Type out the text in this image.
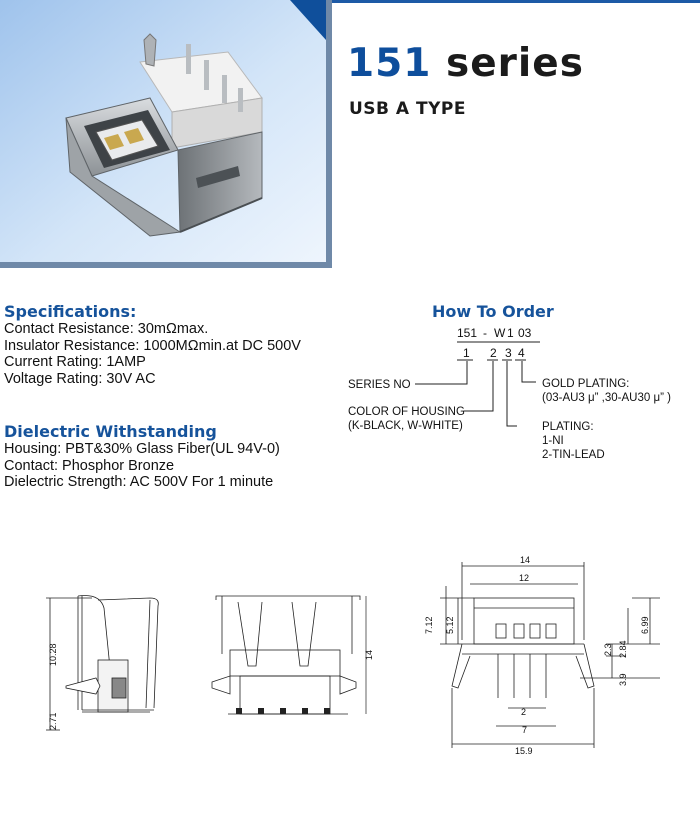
151 series
USB A TYPE
Specifications:
Contact Resistance: 30mΩmax.
Insulator Resistance: 1000MΩmin.at DC 500V
Current Rating: 1AMP
Voltage Rating: 30V AC
Dielectric Withstanding
Housing: PBT&30% Glass Fiber(UL 94V-0)
Contact: Phosphor Bronze
Dielectric Strength: AC 500V For 1 minute
How To Order
151 - W 1 03
1 2 3 4
SERIES NO
COLOR OF HOUSING
(K-BLACK, W-WHITE)
GOLD PLATING:
(03-AU3 μ” ,30-AU30 μ” )
PLATING:
1-NI
2-TIN-LEAD
10.28
2.71
14
14
12
7.12 5.12	6.99
2.84
2.3
3.9
2
7
15.9
